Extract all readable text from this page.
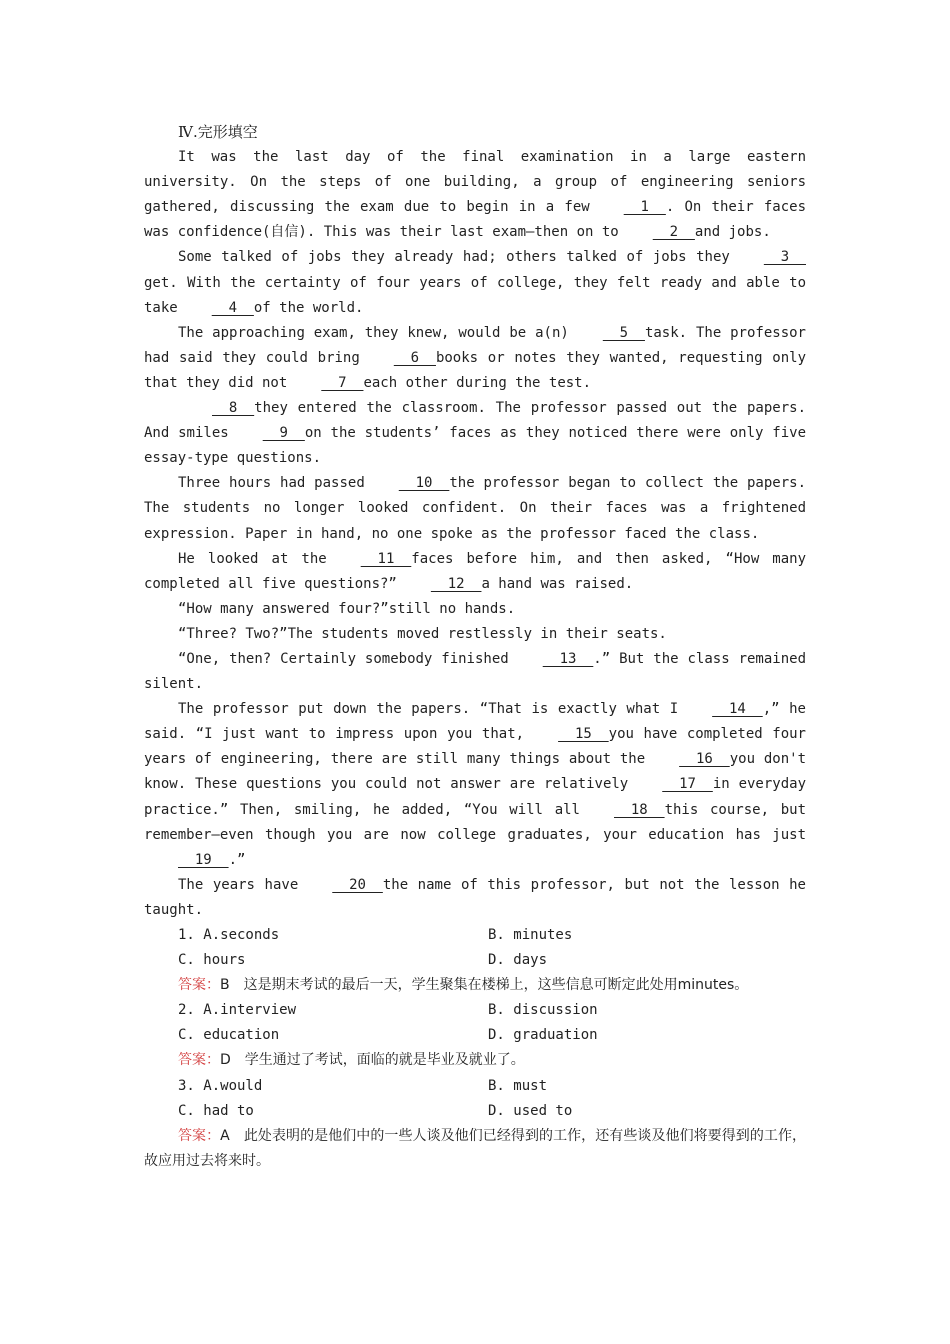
Ⅳ.完形填空

It was the last day of the final examination in a large eastern university. On the steps of one building, a group of engineering seniors gathered, discussing the exam due to begin in a few  1  . On their faces was confidence(自信). This was their last exam—then on to  2  and jobs.

Some talked of jobs they already had; others talked of jobs they  3  get. With the certainty of four years of college, they felt ready and able to take  4  of the world.

The approaching exam, they knew, would be a(n)  5  task. The professor had said they could bring  6  books or notes they wanted, requesting only that they did not  7  each other during the test.

8  they entered the classroom. The professor passed out the papers. And smiles  9  on the students’ faces as they noticed there were only five essay-type questions.

Three hours had passed  10  the professor began to collect the papers. The students no longer looked confident. On their faces was a frightened expression. Paper in hand, no one spoke as the professor faced the class.

He looked at the  11  faces before him, and then asked, “How many completed all five questions?”  12  a hand was raised.

“How many answered four?”still no hands.

“Three? Two?”The students moved restlessly in their seats.

“One, then? Certainly somebody finished  13  .” But the class remained silent.

The professor put down the papers. “That is exactly what I  14  ,” he said. “I just want to impress upon you that,  15  you have completed four years of engineering, there are still many things about the  16  you don't know. These questions you could not answer are relatively  17  in everyday practice.” Then, smiling, he added, “You will all  18  this course, but remember—even though you are now college graduates, your education has just  19  .”

The years have  20  the name of this professor, but not the lesson he taught.

1. A.seconds	B. minutes
C. hours	D. days

答案：B　这是期末考试的最后一天，学生聚集在楼梯上，这些信息可断定此处用minutes。

2. A.interview	B. discussion
C. education	D. graduation

答案：D　学生通过了考试，面临的就是毕业及就业了。

3. A.would	B. must
C. had to	D. used to

答案：A　此处表明的是他们中的一些人谈及他们已经得到的工作，还有些谈及他们将要得到的工作，故应用过去将来时。
